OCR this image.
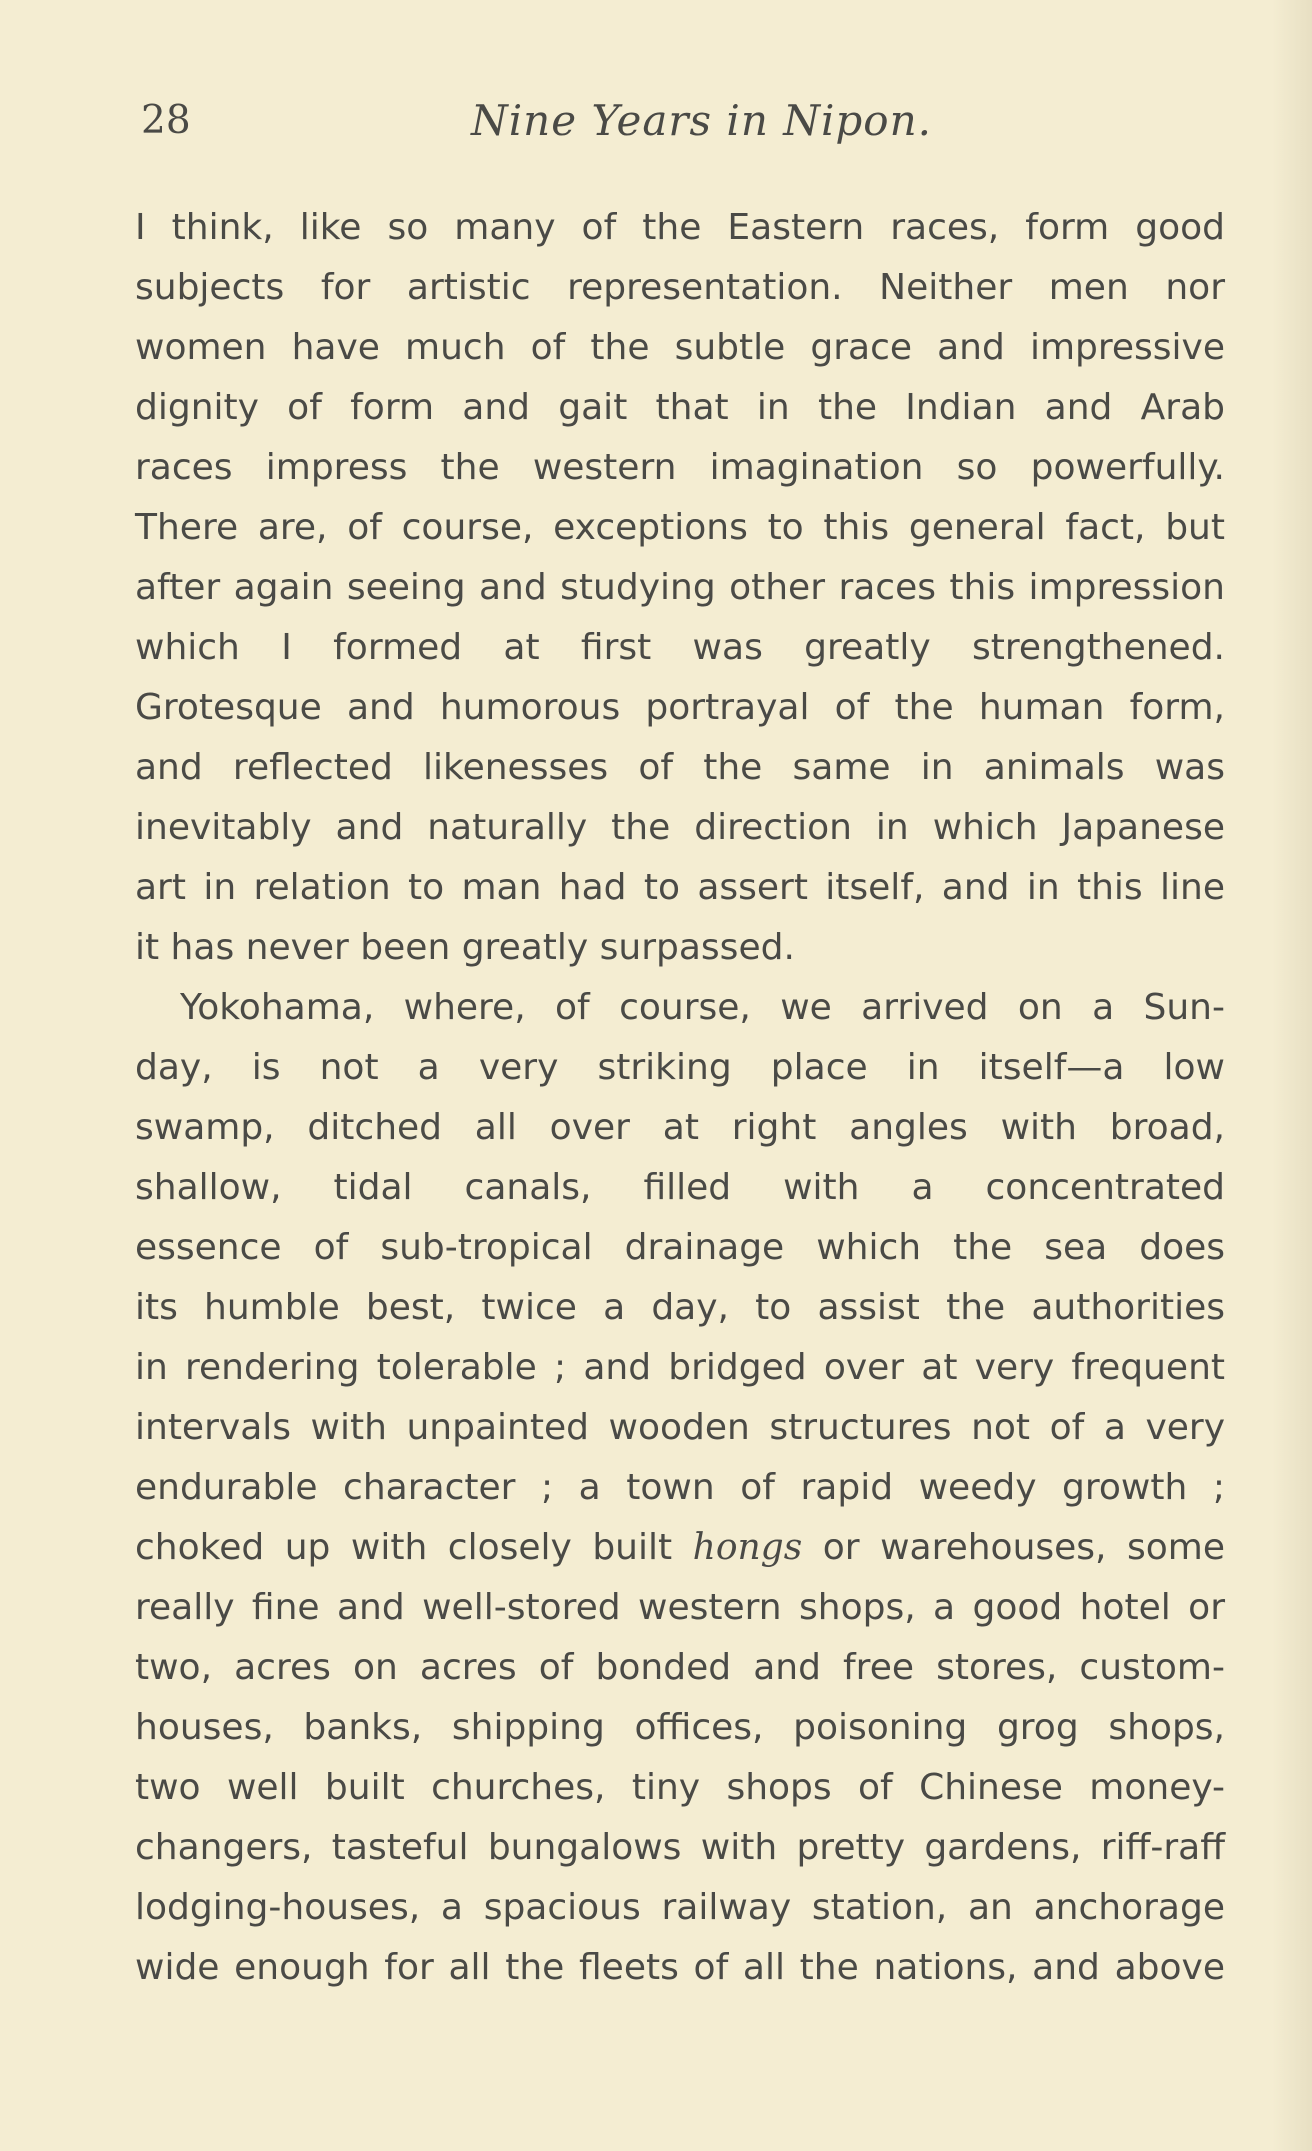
28	Nine Years in Nipon.
I think, like so many of the Eastern races, form good
subjects for artistic representation. Neither men nor
women have much of the subtle grace and impressive
dignity of form and gait that in the Indian and Arab
races impress the western imagination so powerfully.
There are, of course, exceptions to this general fact, but
after again seeing and studying other races this impression
which I formed at first was greatly strengthened.
Grotesque and humorous portrayal of the human form,
and reflected likenesses of the same in animals was
inevitably and naturally the direction in which Japanese
art in relation to man had to assert itself, and in this line
it has never been greatly surpassed.
Yokohama, where, of course, we arrived on a Sun-
day, is not a very striking place in itself—a low
swamp, ditched all over at right angles with broad,
shallow, tidal canals, filled with a concentrated
essence of sub-tropical drainage which the sea does
its humble best, twice a day, to assist the authorities
in rendering tolerable ; and bridged over at very frequent
intervals with unpainted wooden structures not of a very
endurable character ; a town of rapid weedy growth ;
choked up with closely built hongs or warehouses, some
really fine and well-stored western shops, a good hotel or
two, acres on acres of bonded and free stores, custom-
houses, banks, shipping offices, poisoning grog shops,
two well built churches, tiny shops of Chinese money-
changers, tasteful bungalows with pretty gardens, riff-raff
lodging-houses, a spacious railway station, an anchorage
wide enough for all the fleets of all the nations, and above
